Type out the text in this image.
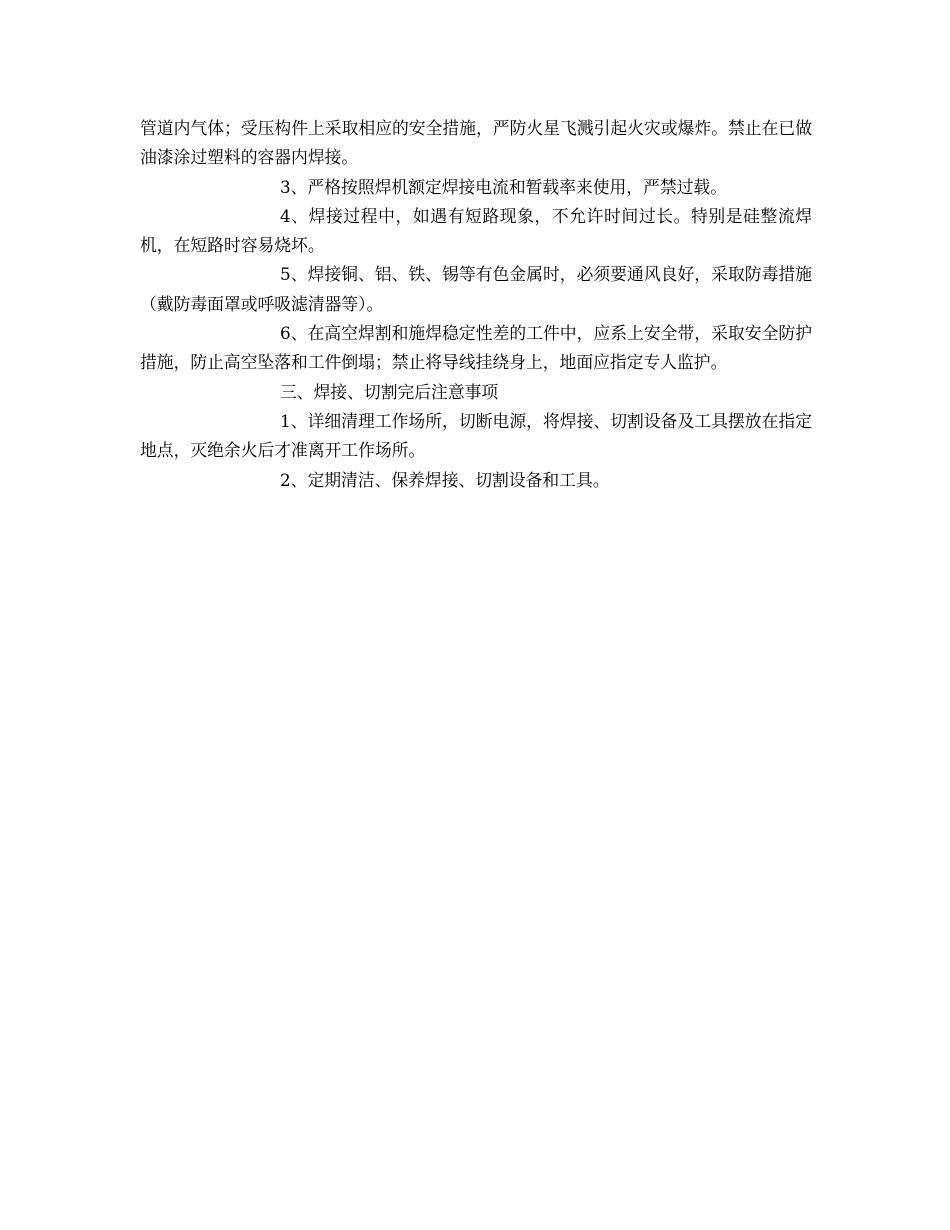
管道内气体；受压构件上采取相应的安全措施，严防火星飞溅引起火灾或爆炸。禁止在已做油漆涂过塑料的容器内焊接。

3、严格按照焊机额定焊接电流和暂载率来使用，严禁过载。

4、焊接过程中，如遇有短路现象，不允许时间过长。特别是硅整流焊机，在短路时容易烧坏。

5、焊接铜、铝、铁、锡等有色金属时，必须要通风良好，采取防毒措施（戴防毒面罩或呼吸滤清器等）。

6、在高空焊割和施焊稳定性差的工件中，应系上安全带，采取安全防护措施，防止高空坠落和工件倒塌；禁止将导线挂绕身上，地面应指定专人监护。

三、焊接、切割完后注意事项

1、详细清理工作场所，切断电源，将焊接、切割设备及工具摆放在指定地点，灭绝余火后才准离开工作场所。

2、定期清洁、保养焊接、切割设备和工具。
